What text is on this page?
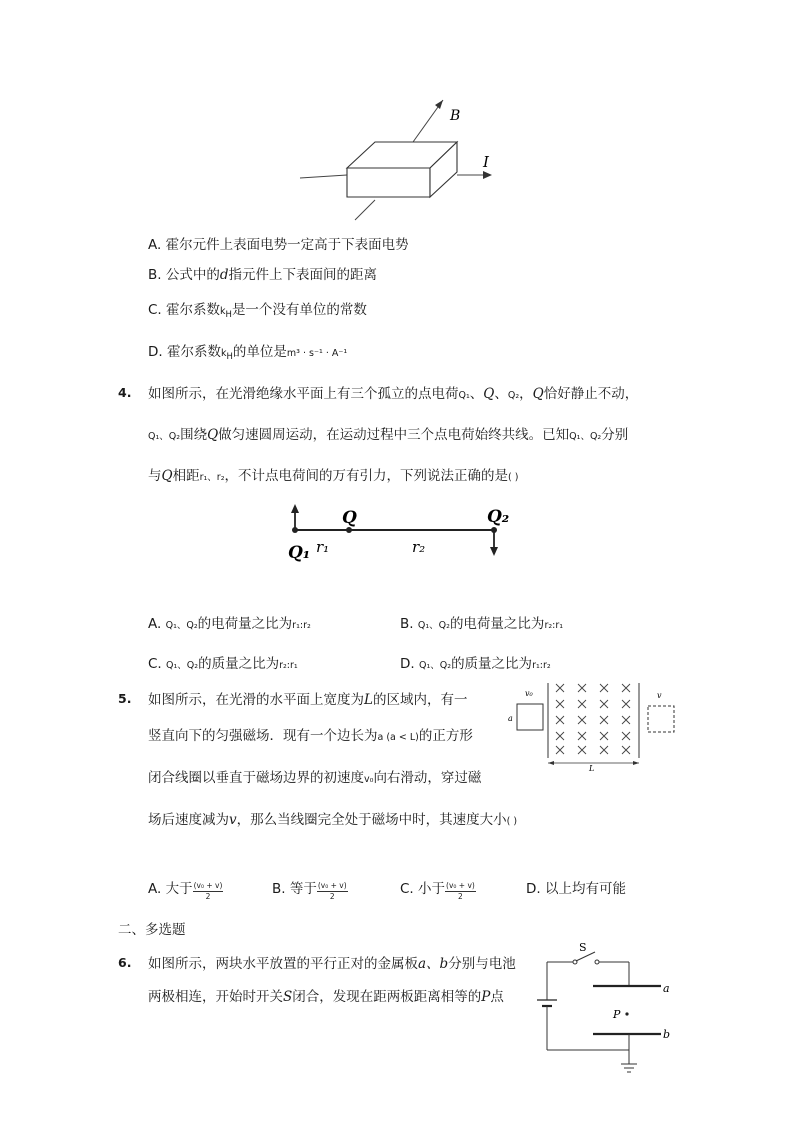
B
I
A. 霍尔元件上表面电势一定高于下表面电势
B. 公式中的d指元件上下表面间的距离
C. 霍尔系数$k_H$是一个没有单位的常数
D. 霍尔系数$k_H$的单位是m³ · s⁻¹ · A⁻¹
4. 如图所示，在光滑绝缘水平面上有三个孤立的点电荷Q₁、Q、Q₂，Q恰好静止不动，
Q₁、Q₂围绕Q做匀速圆周运动，在运动过程中三个点电荷始终共线。已知Q₁、Q₂分别
与Q相距r₁、r₂，不计点电荷间的万有引力，下列说法正确的是( )
Q₁ r₁
Q
r₂
Q₂
A. Q₁、Q₂的电荷量之比为r₁:r₂	B. Q₁、Q₂的电荷量之比为r₂:r₁
C. Q₁、Q₂的质量之比为r₂:r₁	D. Q₁、Q₂的质量之比为r₁:r₂
5. 如图所示，在光滑的水平面上宽度为L的区域内，有一
竖直向下的匀强磁场．现有一个边长为a (a < L)的正方形
闭合线圈以垂直于磁场边界的初速度v₀向右滑动，穿过磁
场后速度减为v，那么当线圈完全处于磁场中时，其速度大小( )
v₀
a
L
v
A. 大于 $\frac{\text{(v₀ + v)}}{2}$	B. 等于 $\frac{\text{(v₀ + v)}}{2}$	C. 小于 $\frac{\text{(v₀ + v)}}{2}$	D. 以上均有可能
二、多选题
6. 如图所示，两块水平放置的平行正对的金属板a、b分别与电池
两极相连，开始时开关S闭合，发现在距两板距离相等的P点
S
a
P
b
